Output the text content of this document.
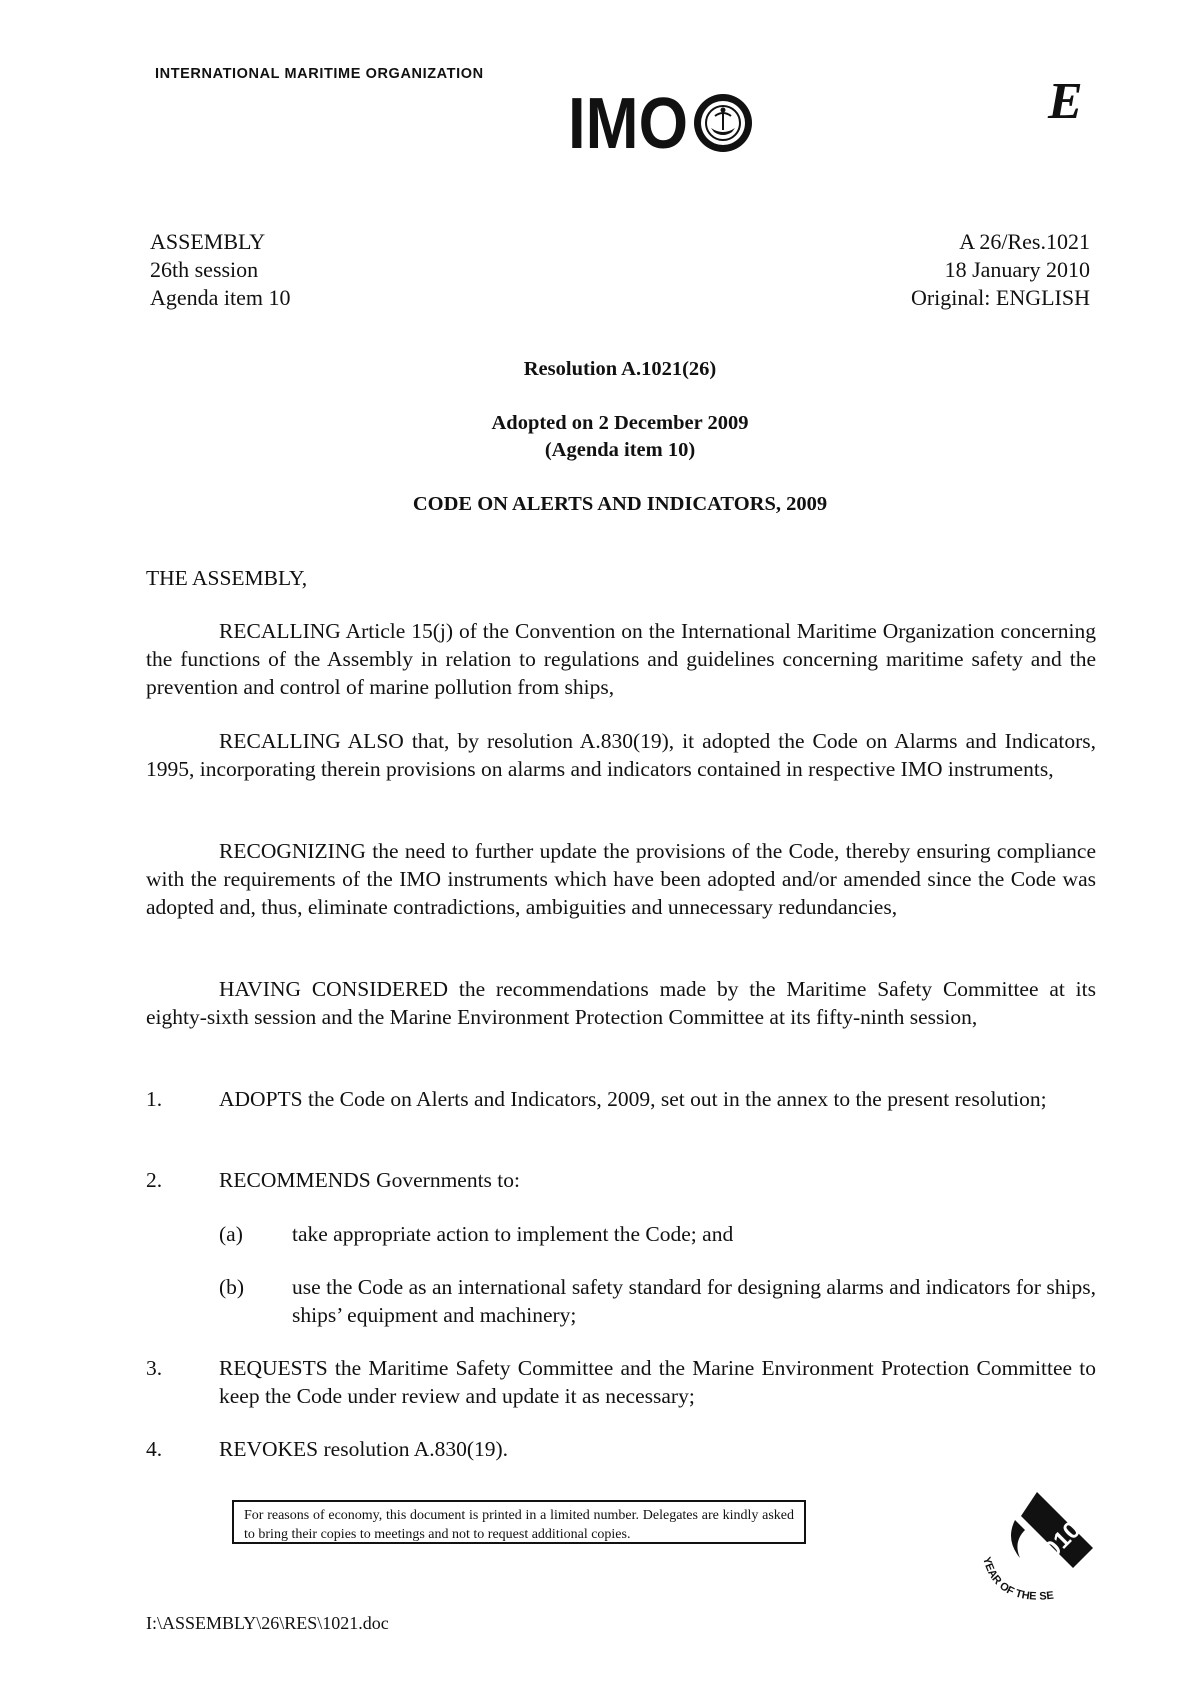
INTERNATIONAL MARITIME ORGANIZATION
IMO	E
ASSEMBLY
26th session
Agenda item 10
A 26/Res.1021
18 January 2010
Original: ENGLISH
Resolution A.1021(26)
Adopted on 2 December 2009
(Agenda item 10)
CODE ON ALERTS AND INDICATORS, 2009
THE ASSEMBLY,
RECALLING Article 15(j) of the Convention on the International Maritime Organization concerning the functions of the Assembly in relation to regulations and guidelines concerning maritime safety and the prevention and control of marine pollution from ships,
RECALLING ALSO that, by resolution A.830(19), it adopted the Code on Alarms and Indicators, 1995, incorporating therein provisions on alarms and indicators contained in respective IMO instruments,
RECOGNIZING the need to further update the provisions of the Code, thereby ensuring compliance with the requirements of the IMO instruments which have been adopted and/or amended since the Code was adopted and, thus, eliminate contradictions, ambiguities and unnecessary redundancies,
HAVING CONSIDERED the recommendations made by the Maritime Safety Committee at its eighty-sixth session and the Marine Environment Protection Committee at its fifty-ninth session,
1.	ADOPTS the Code on Alerts and Indicators, 2009, set out in the annex to the present resolution;
2.	RECOMMENDS Governments to:
(a)	take appropriate action to implement the Code; and
(b)	use the Code as an international safety standard for designing alarms and indicators for ships, ships’ equipment and machinery;
3.	REQUESTS the Maritime Safety Committee and the Marine Environment Protection Committee to keep the Code under review and update it as necessary;
4.	REVOKES resolution A.830(19).
For reasons of economy, this document is printed in a limited number. Delegates are kindly asked to bring their copies to meetings and not to request additional copies.	2010
YEAR OF THE SE
I:\ASSEMBLY\26\RES\1021.doc
